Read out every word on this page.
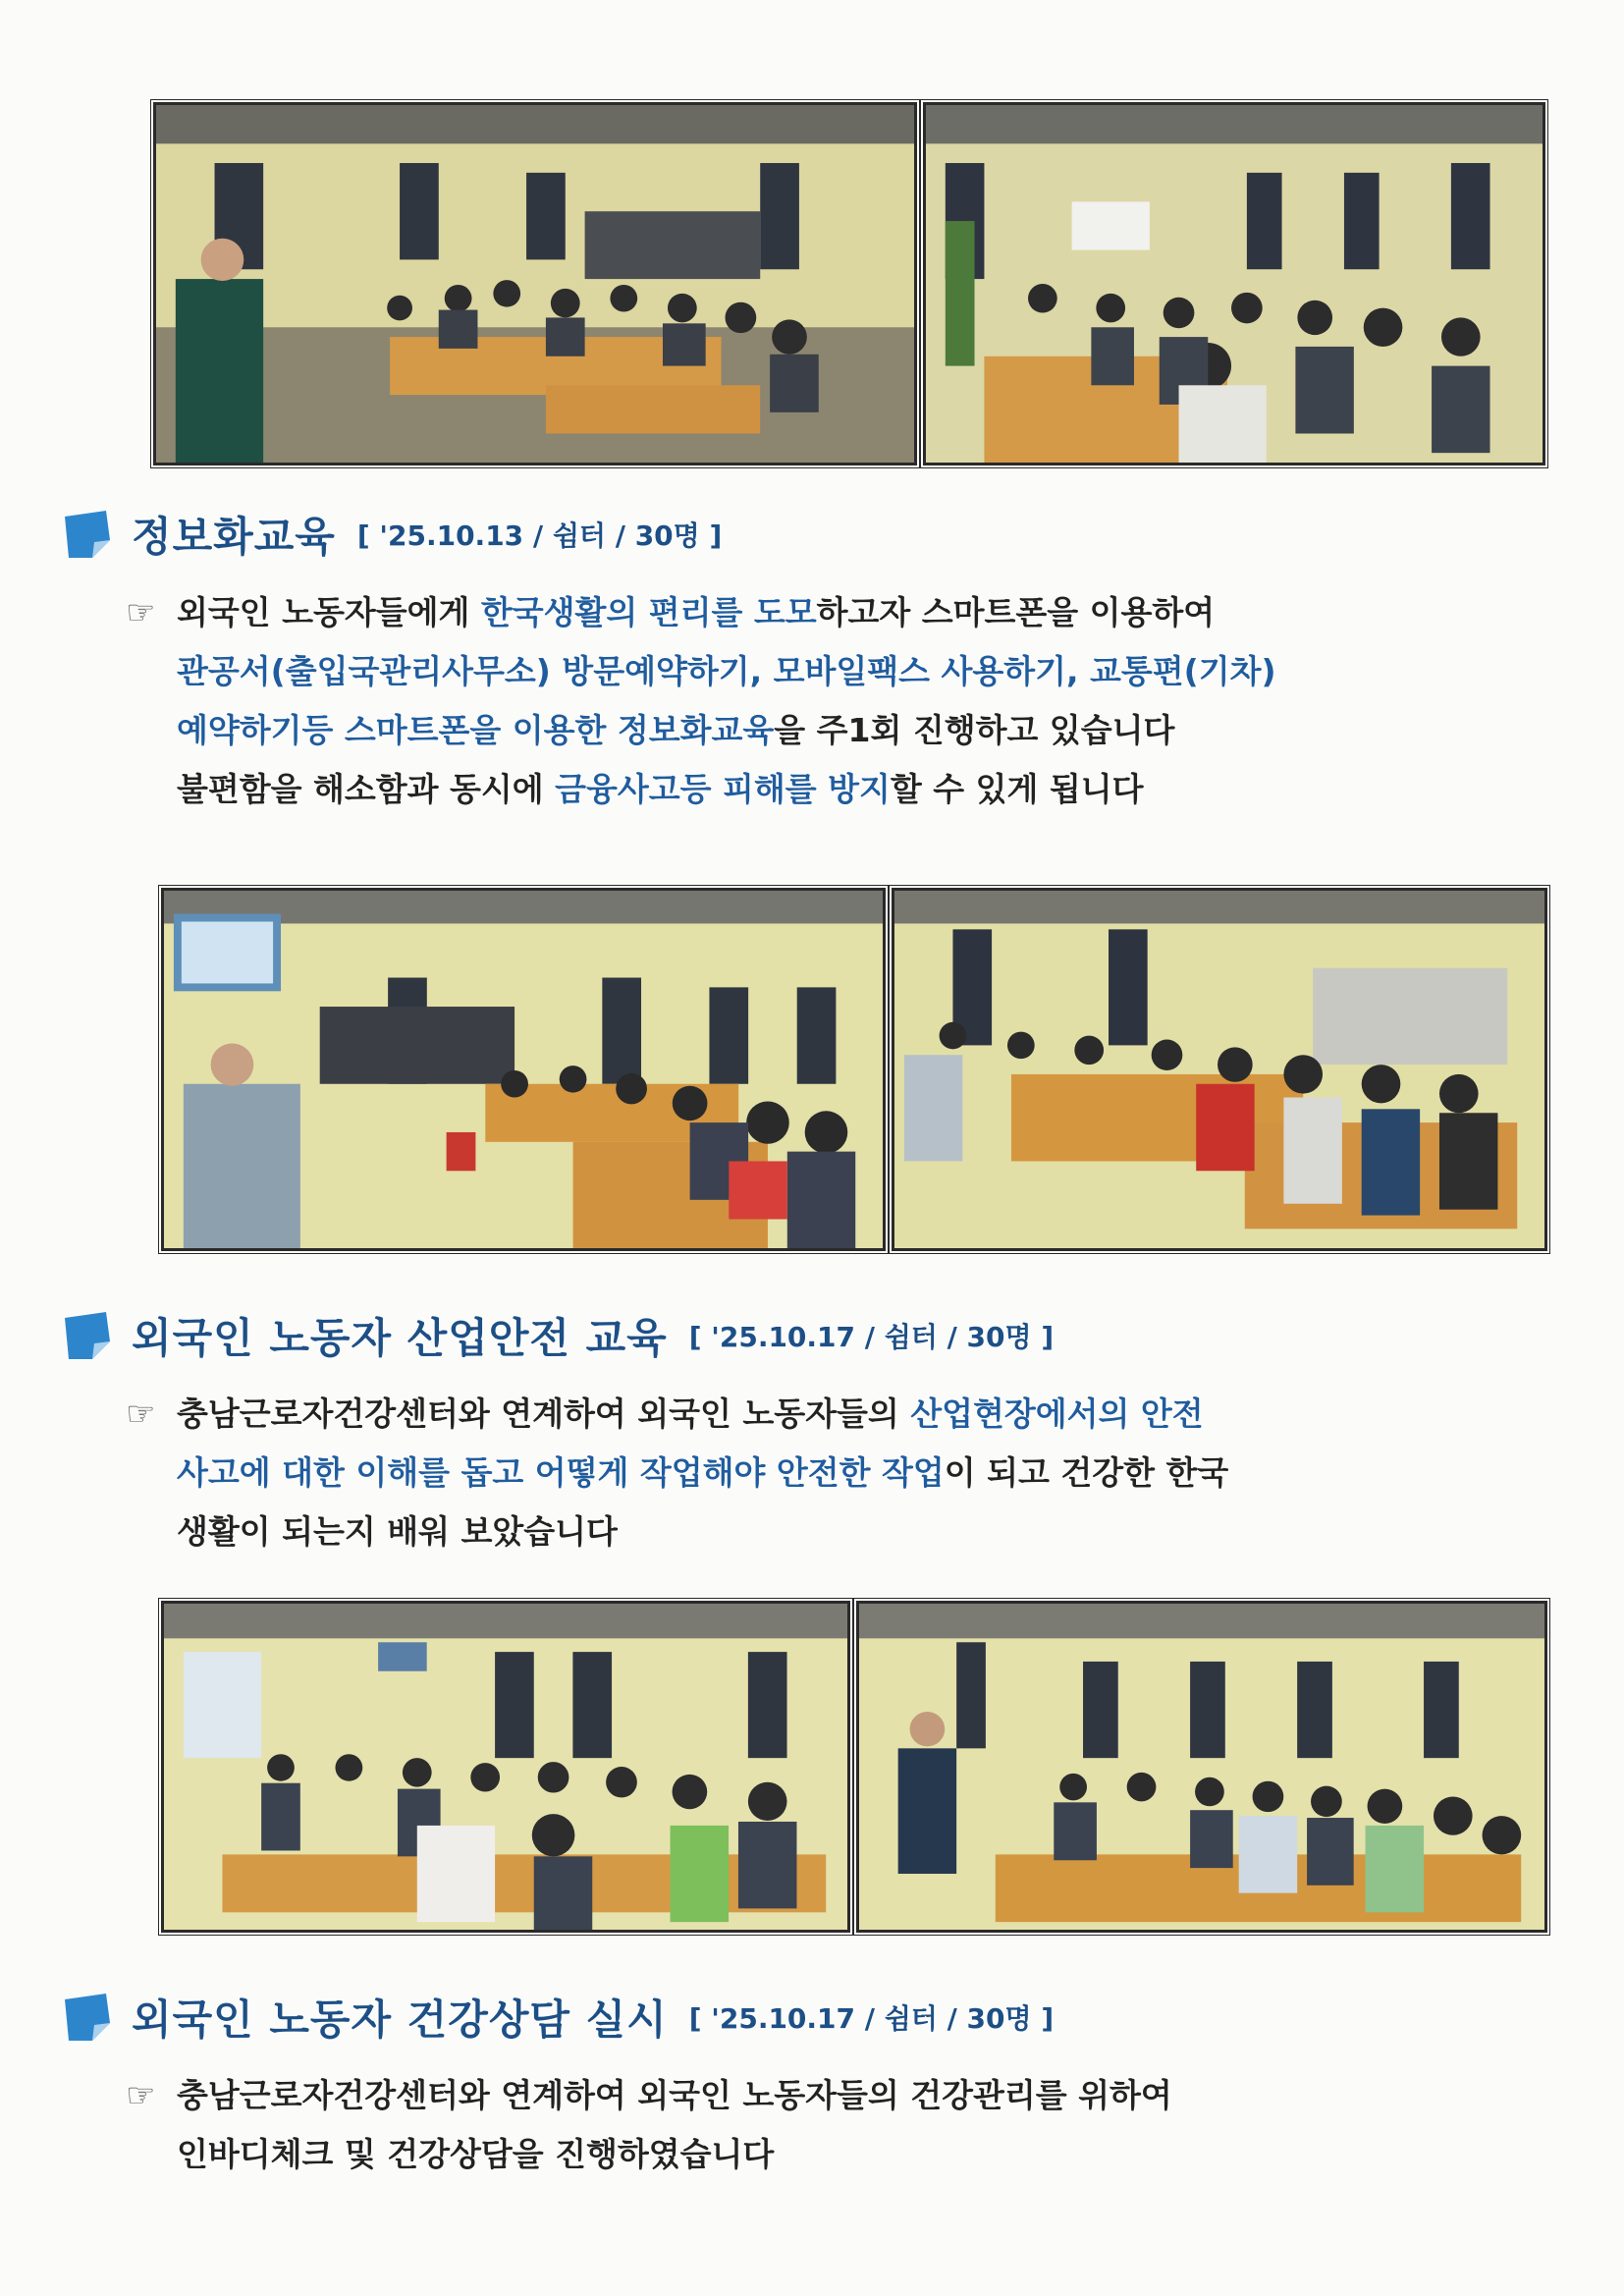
정보화교육 [ '25.10.13 / 쉼터 / 30명 ]
☞ 외국인 노동자들에게 한국생활의 편리를 도모하고자 스마트폰을 이용하여
관공서(출입국관리사무소) 방문예약하기, 모바일팩스 사용하기, 교통편(기차)
예약하기등 스마트폰을 이용한 정보화교육을 주1회 진행하고 있습니다
불편함을 해소함과 동시에 금융사고등 피해를 방지할 수 있게 됩니다
외국인 노동자 산업안전 교육 [ '25.10.17 / 쉼터 / 30명 ]
☞ 충남근로자건강센터와 연계하여 외국인 노동자들의 산업현장에서의 안전
사고에 대한 이해를 돕고 어떻게 작업해야 안전한 작업이 되고 건강한 한국
생활이 되는지 배워 보았습니다
외국인 노동자 건강상담 실시 [ '25.10.17 / 쉼터 / 30명 ]
☞ 충남근로자건강센터와 연계하여 외국인 노동자들의 건강관리를 위하여
인바디체크 및 건강상담을 진행하였습니다
